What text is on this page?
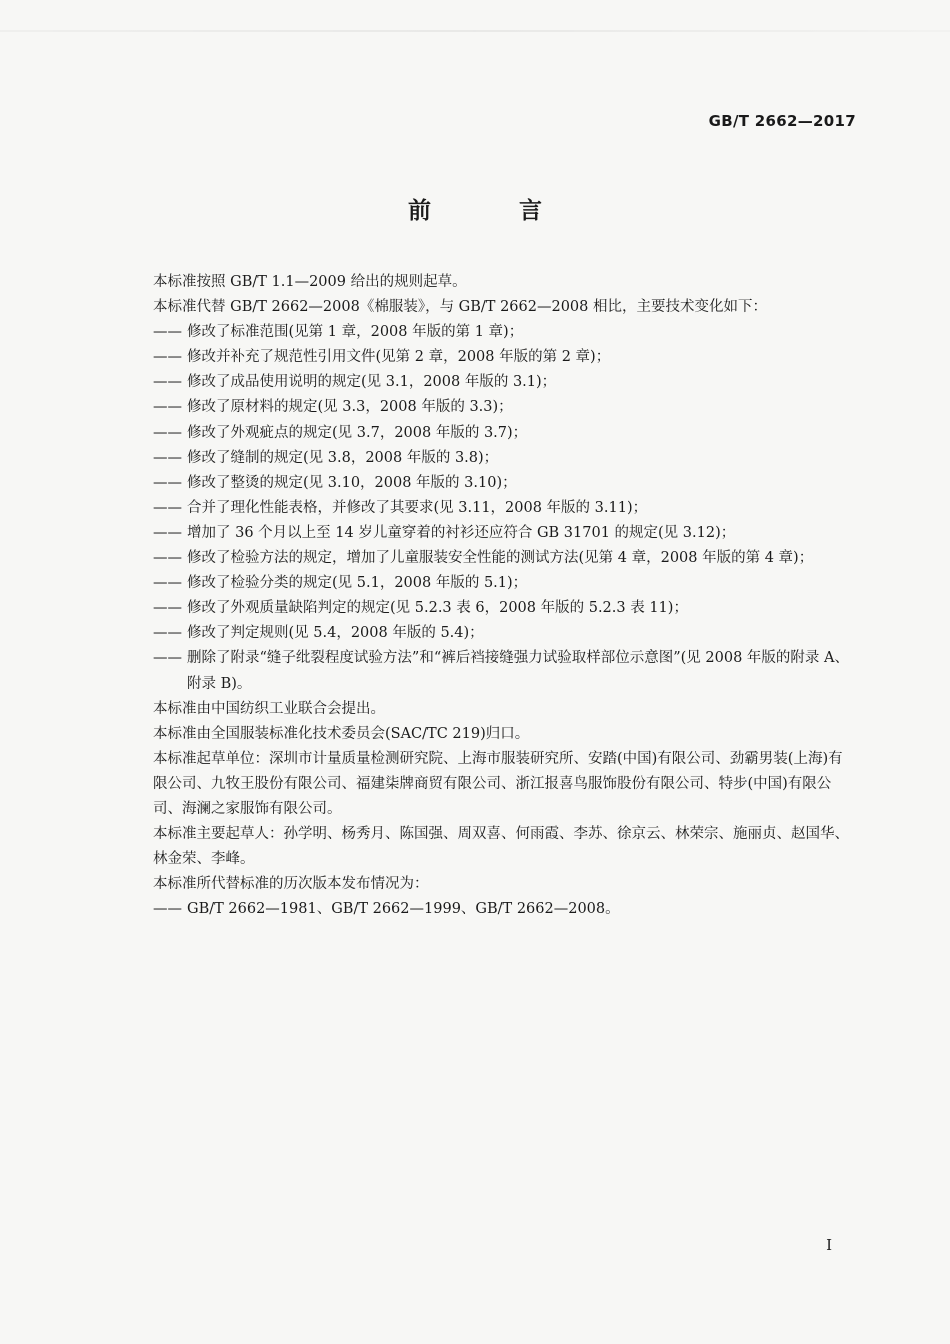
GB/T 2662—2017
前 言

本标准按照 GB/T 1.1—2009 给出的规则起草。

本标准代替 GB/T 2662—2008《棉服装》，与 GB/T 2662—2008 相比，主要技术变化如下：

—— 修改了标准范围(见第 1 章，2008 年版的第 1 章)；
—— 修改并补充了规范性引用文件(见第 2 章，2008 年版的第 2 章)；
—— 修改了成品使用说明的规定(见 3.1，2008 年版的 3.1)；
—— 修改了原材料的规定(见 3.3，2008 年版的 3.3)；
—— 修改了外观疵点的规定(见 3.7，2008 年版的 3.7)；
—— 修改了缝制的规定(见 3.8，2008 年版的 3.8)；
—— 修改了整烫的规定(见 3.10，2008 年版的 3.10)；
—— 合并了理化性能表格，并修改了其要求(见 3.11，2008 年版的 3.11)；
—— 增加了 36 个月以上至 14 岁儿童穿着的衬衫还应符合 GB 31701 的规定(见 3.12)；
—— 修改了检验方法的规定，增加了儿童服装安全性能的测试方法(见第 4 章，2008 年版的第 4 章)；
—— 修改了检验分类的规定(见 5.1，2008 年版的 5.1)；
—— 修改了外观质量缺陷判定的规定(见 5.2.3 表 6，2008 年版的 5.2.3 表 11)；
—— 修改了判定规则(见 5.4，2008 年版的 5.4)；
—— 删除了附录“缝子纰裂程度试验方法”和“裤后裆接缝强力试验取样部位示意图”(见 2008 年版的附录 A、附录 B)。

本标准由中国纺织工业联合会提出。

本标准由全国服装标准化技术委员会(SAC/TC 219)归口。

本标准起草单位：深圳市计量质量检测研究院、上海市服装研究所、安踏(中国)有限公司、劲霸男装(上海)有限公司、九牧王股份有限公司、福建柒牌商贸有限公司、浙江报喜鸟服饰股份有限公司、特步(中国)有限公司、海澜之家服饰有限公司。

本标准主要起草人：孙学明、杨秀月、陈国强、周双喜、何雨霞、李苏、徐京云、林荣宗、施丽贞、赵国华、林金荣、李峰。

本标准所代替标准的历次版本发布情况为：

—— GB/T 2662—1981、GB/T 2662—1999、GB/T 2662—2008。
I
